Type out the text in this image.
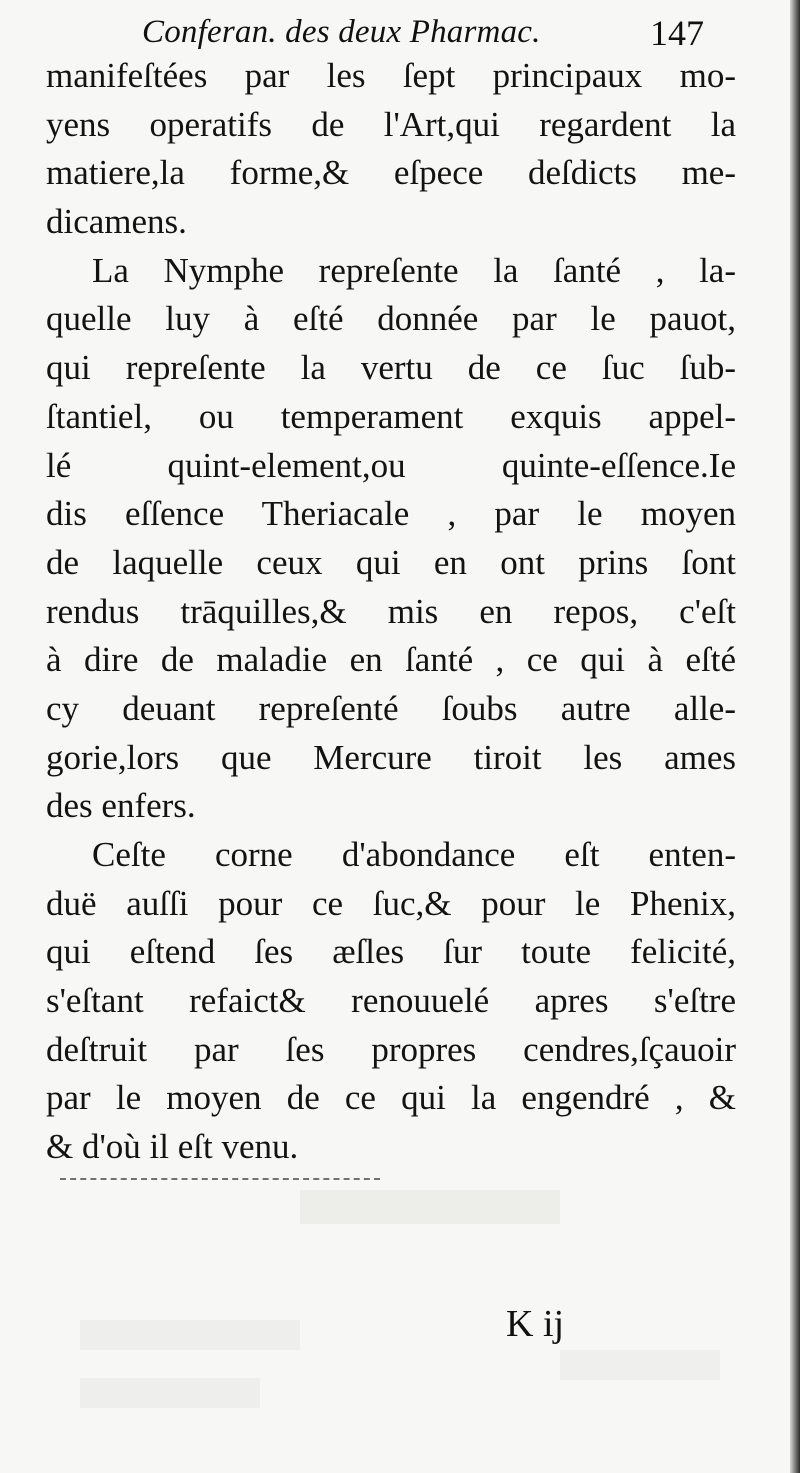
Conferan. des deux Pharmac.	147
manifeſtées par les ſept principaux mo-
yens operatifs de l'Art,qui regardent la
matiere,la forme,& eſpece deſdicts me-
dicamens.
La Nymphe repreſente la ſanté , la-
quelle luy à eſté donnée par le pauot,
qui repreſente la vertu de ce ſuc ſub-
ſtantiel, ou temperament exquis appel-
lé quint-element,ou quinte-eſſence.Ie
dis eſſence Theriacale , par le moyen
de laquelle ceux qui en ont prins ſont
rendus trāquilles,& mis en repos, c'eſt
à dire de maladie en ſanté , ce qui à eſté
cy deuant repreſenté ſoubs autre alle-
gorie,lors que Mercure tiroit les ames
des enfers.
Ceſte corne d'abondance eſt enten-
duë auſſi pour ce ſuc,& pour le Phenix,
qui eſtend ſes æſles ſur toute felicité,
s'eſtant refaict& renouuelé apres s'eſtre
deſtruit par ſes propres cendres,ſçauoir
par le moyen de ce qui la engendré , &
& d'où il eſt venu.
K ij
